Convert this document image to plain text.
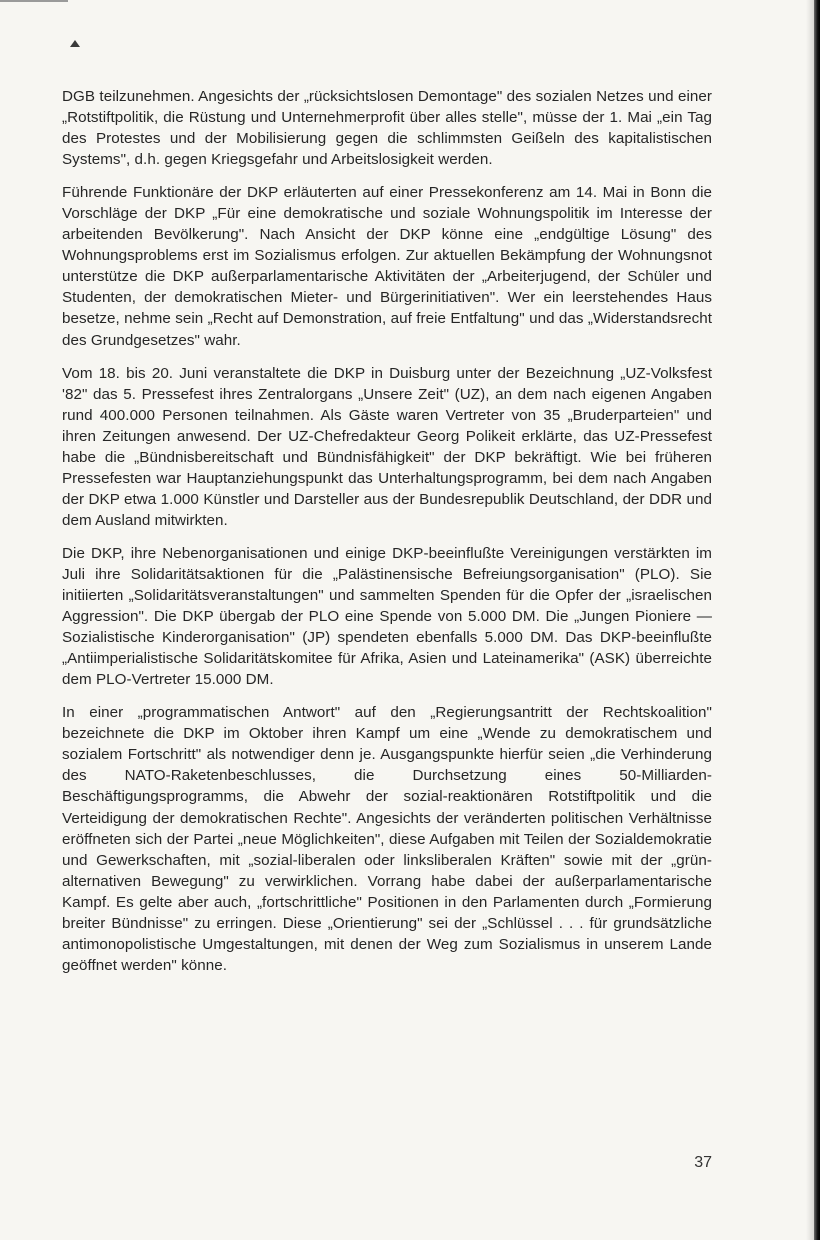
DGB teilzunehmen. Angesichts der „rücksichtslosen Demontage" des sozialen Netzes und einer „Rotstiftpolitik, die Rüstung und Unternehmerprofit über alles stelle", müsse der 1. Mai „ein Tag des Protestes und der Mobilisierung gegen die schlimmsten Geißeln des kapitalistischen Systems", d.h. gegen Kriegsgefahr und Arbeitslosigkeit werden.

Führende Funktionäre der DKP erläuterten auf einer Pressekonferenz am 14. Mai in Bonn die Vorschläge der DKP „Für eine demokratische und soziale Wohnungspolitik im Interesse der arbeitenden Bevölkerung". Nach Ansicht der DKP könne eine „endgültige Lösung" des Wohnungsproblems erst im Sozialismus erfolgen. Zur aktuellen Bekämpfung der Wohnungsnot unterstütze die DKP außerparlamentarische Aktivitäten der „Arbeiterjugend, der Schüler und Studenten, der demokratischen Mieter- und Bürgerinitiativen". Wer ein leerstehendes Haus besetze, nehme sein „Recht auf Demonstration, auf freie Entfaltung" und das „Widerstandsrecht des Grundgesetzes" wahr.

Vom 18. bis 20. Juni veranstaltete die DKP in Duisburg unter der Bezeichnung „UZ-Volksfest '82" das 5. Pressefest ihres Zentralorgans „Unsere Zeit" (UZ), an dem nach eigenen Angaben rund 400.000 Personen teilnahmen. Als Gäste waren Vertreter von 35 „Bruderparteien" und ihren Zeitungen anwesend. Der UZ-Chefredakteur Georg Polikeit erklärte, das UZ-Pressefest habe die „Bündnisbereitschaft und Bündnisfähigkeit" der DKP bekräftigt. Wie bei früheren Pressefesten war Hauptanziehungspunkt das Unterhaltungsprogramm, bei dem nach Angaben der DKP etwa 1.000 Künstler und Darsteller aus der Bundesrepublik Deutschland, der DDR und dem Ausland mitwirkten.

Die DKP, ihre Nebenorganisationen und einige DKP-beeinflußte Vereinigungen verstärkten im Juli ihre Solidaritätsaktionen für die „Palästinensische Befreiungsorganisation" (PLO). Sie initiierten „Solidaritätsveranstaltungen" und sammelten Spenden für die Opfer der „israelischen Aggression". Die DKP übergab der PLO eine Spende von 5.000 DM. Die „Jungen Pioniere — Sozialistische Kinderorganisation" (JP) spendeten ebenfalls 5.000 DM. Das DKP-beeinflußte „Antiimperialistische Solidaritätskomitee für Afrika, Asien und Lateinamerika" (ASK) überreichte dem PLO-Vertreter 15.000 DM.

In einer „programmatischen Antwort" auf den „Regierungsantritt der Rechtskoalition" bezeichnete die DKP im Oktober ihren Kampf um eine „Wende zu demokratischem und sozialem Fortschritt" als notwendiger denn je. Ausgangspunkte hierfür seien „die Verhinderung des NATO-Raketenbeschlusses, die Durchsetzung eines 50-Milliarden-Beschäftigungsprogramms, die Abwehr der sozial-reaktionären Rotstiftpolitik und die Verteidigung der demokratischen Rechte". Angesichts der veränderten politischen Verhältnisse eröffneten sich der Partei „neue Möglichkeiten", diese Aufgaben mit Teilen der Sozialdemokratie und Gewerkschaften, mit „sozial-liberalen oder linksliberalen Kräften" sowie mit der „grün-alternativen Bewegung" zu verwirklichen. Vorrang habe dabei der außerparlamentarische Kampf. Es gelte aber auch, „fortschrittliche" Positionen in den Parlamenten durch „Formierung breiter Bündnisse" zu erringen. Diese „Orientierung" sei der „Schlüssel . . . für grundsätzliche antimonopolistische Umgestaltungen, mit denen der Weg zum Sozialismus in unserem Lande geöffnet werden" könne.

37
